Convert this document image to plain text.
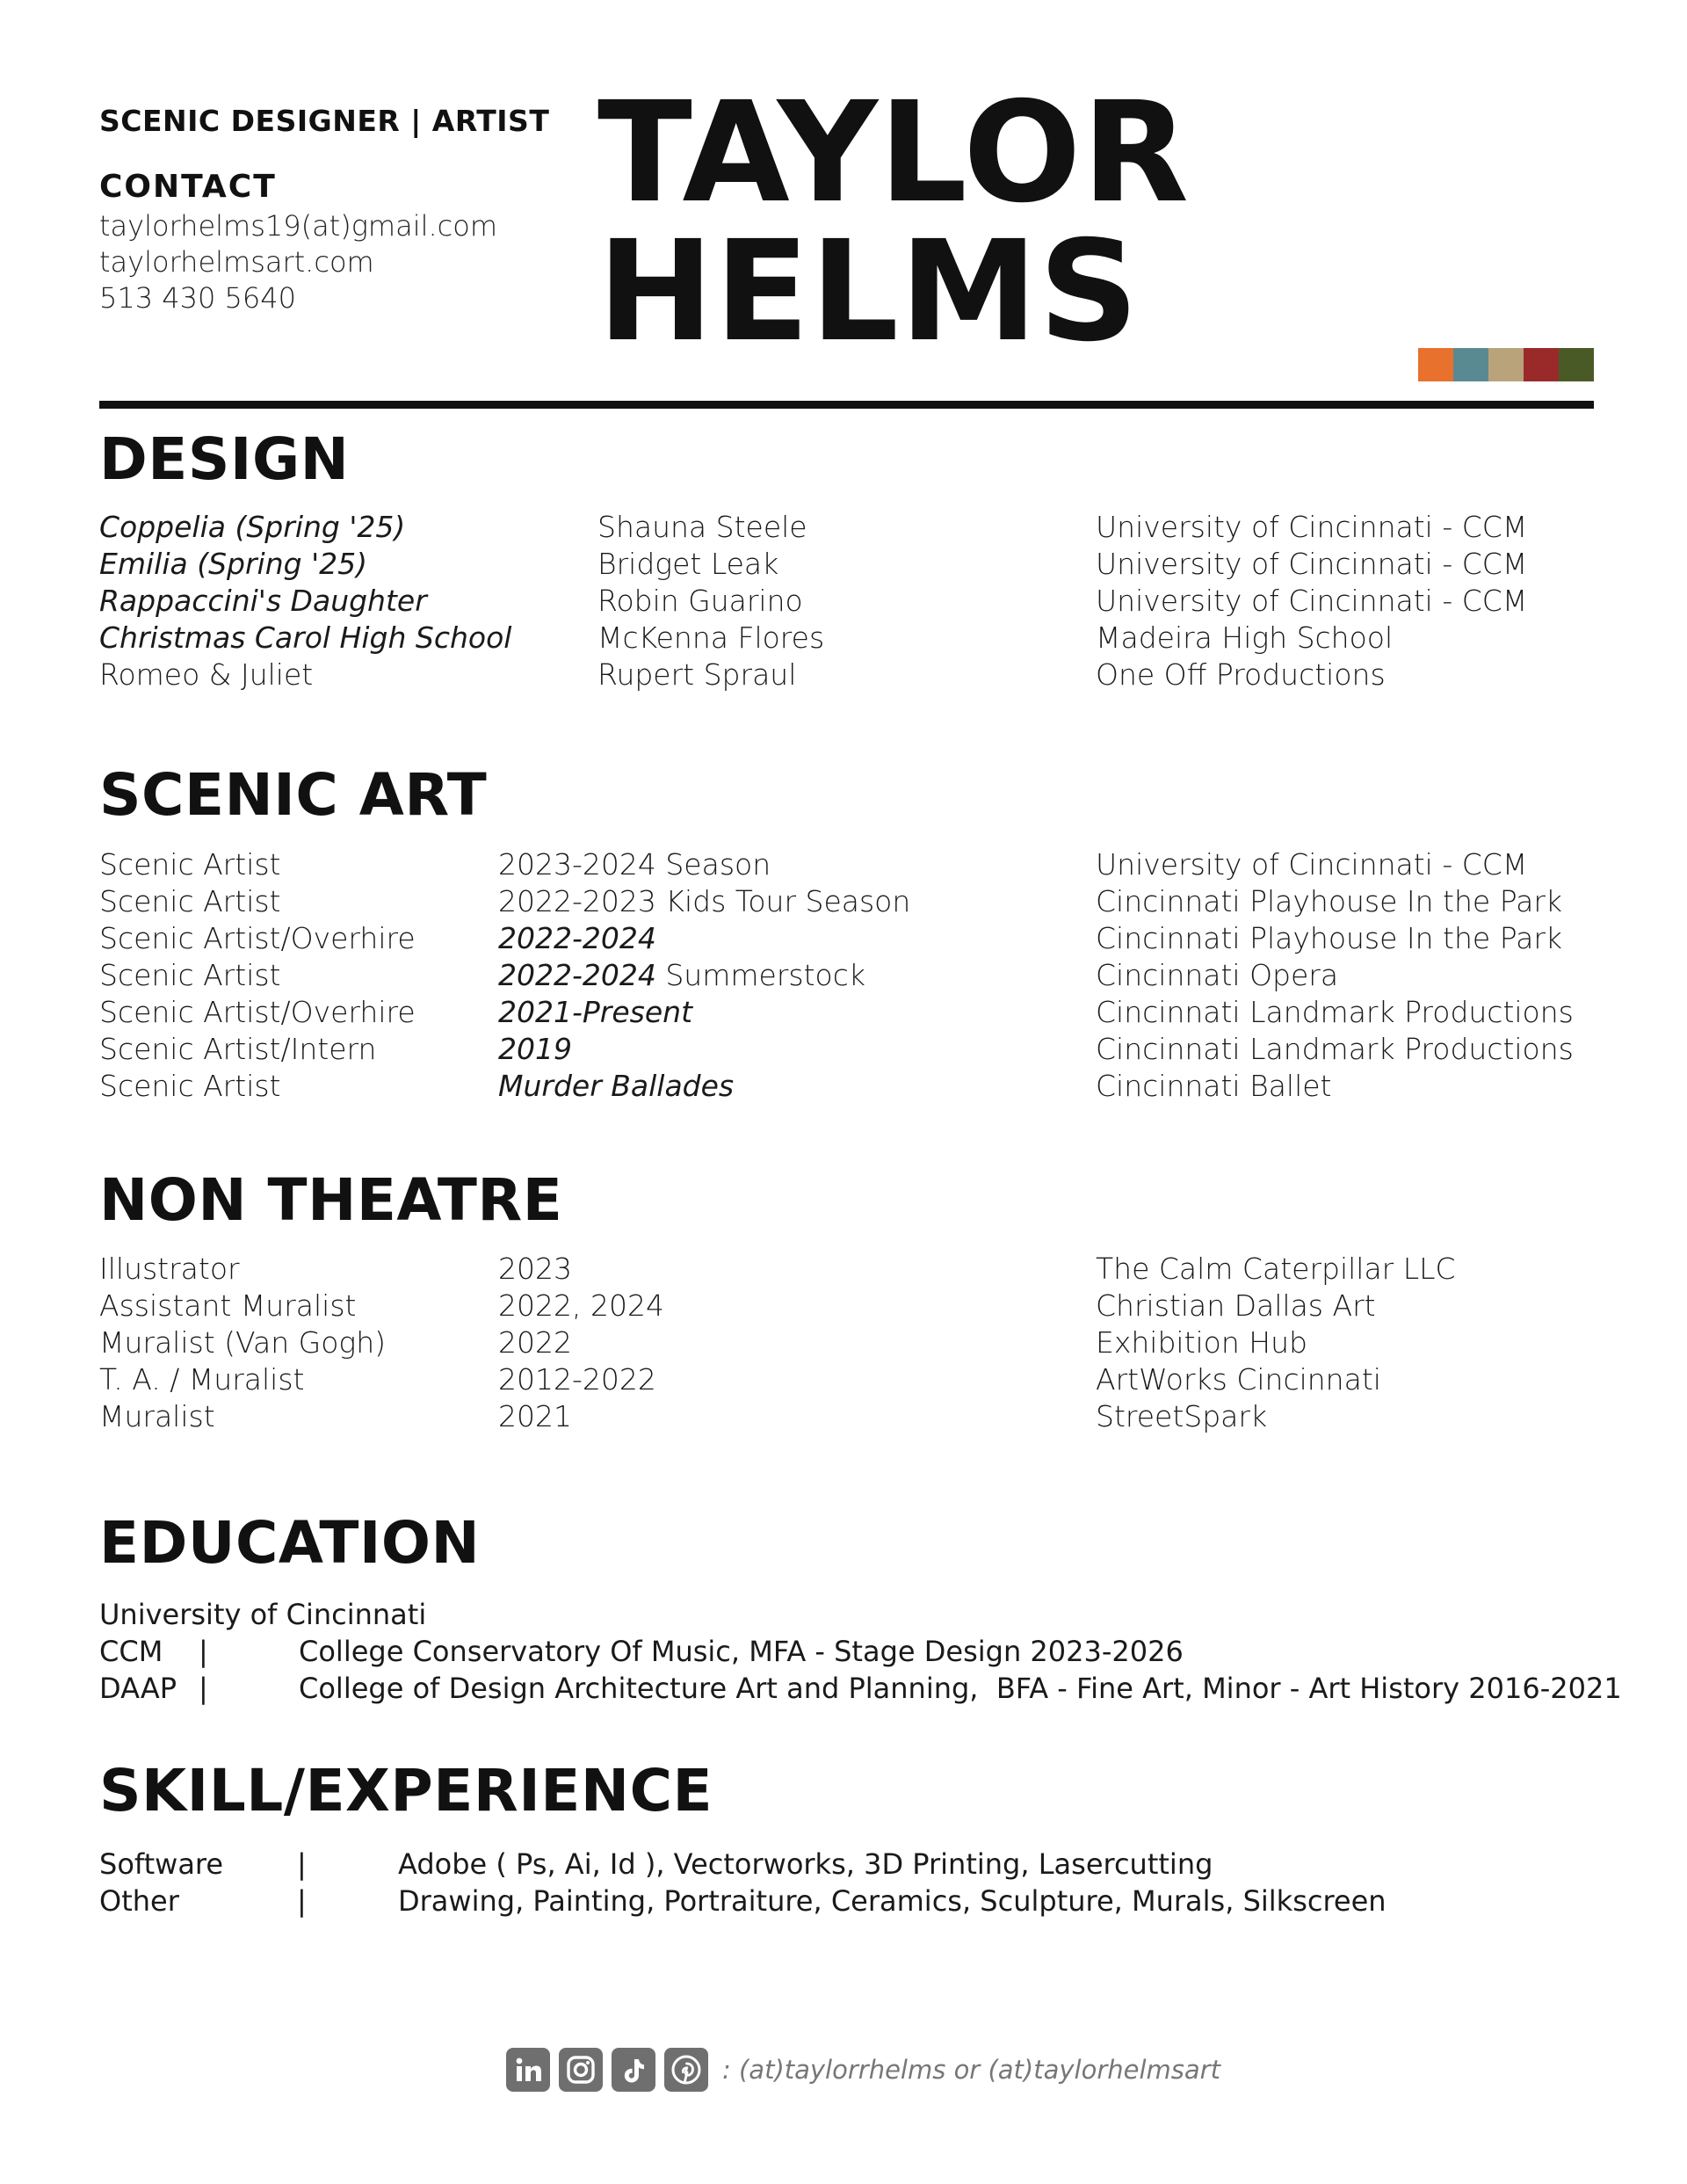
SCENIC DESIGNER | ARTIST
CONTACT
taylorhelms19(at)gmail.com
taylorhelmsart.com
513 430 5640
TAYLOR HELMS
DESIGN
Coppelia (Spring '25)	Shauna Steele	University of Cincinnati - CCM
Emilia (Spring '25)	Bridget Leak	University of Cincinnati - CCM
Rappaccini's Daughter	Robin Guarino	University of Cincinnati - CCM
Christmas Carol High School	McKenna Flores	Madeira High School
Romeo & Juliet	Rupert Spraul	One Off Productions
SCENIC ART
Scenic Artist	2023-2024 Season	University of Cincinnati - CCM
Scenic Artist	2022-2023 Kids Tour Season	Cincinnati Playhouse In the Park
Scenic Artist/Overhire	2022-2024	Cincinnati Playhouse In the Park
Scenic Artist	2022-2024 Summerstock	Cincinnati Opera
Scenic Artist/Overhire	2021-Present	Cincinnati Landmark Productions
Scenic Artist/Intern	2019	Cincinnati Landmark Productions
Scenic Artist	Murder Ballades	Cincinnati Ballet
NON THEATRE
Illustrator	2023	The Calm Caterpillar LLC
Assistant Muralist	2022, 2024	Christian Dallas Art
Muralist (Van Gogh)	2022	Exhibition Hub
T. A. / Muralist	2012-2022	ArtWorks Cincinnati
Muralist	2021	StreetSpark
EDUCATION
University of Cincinnati
CCM |	College Conservatory Of Music, MFA - Stage Design 2023-2026
DAAP |	College of Design Architecture Art and Planning,  BFA - Fine Art, Minor - Art History 2016-2021
SKILL/EXPERIENCE
Software	|	Adobe ( Ps, Ai, Id ), Vectorworks, 3D Printing, Lasercutting
Other	|	Drawing, Painting, Portraiture, Ceramics, Sculpture, Murals, Silkscreen
: (at)taylorrhelms or (at)taylorhelmsart
